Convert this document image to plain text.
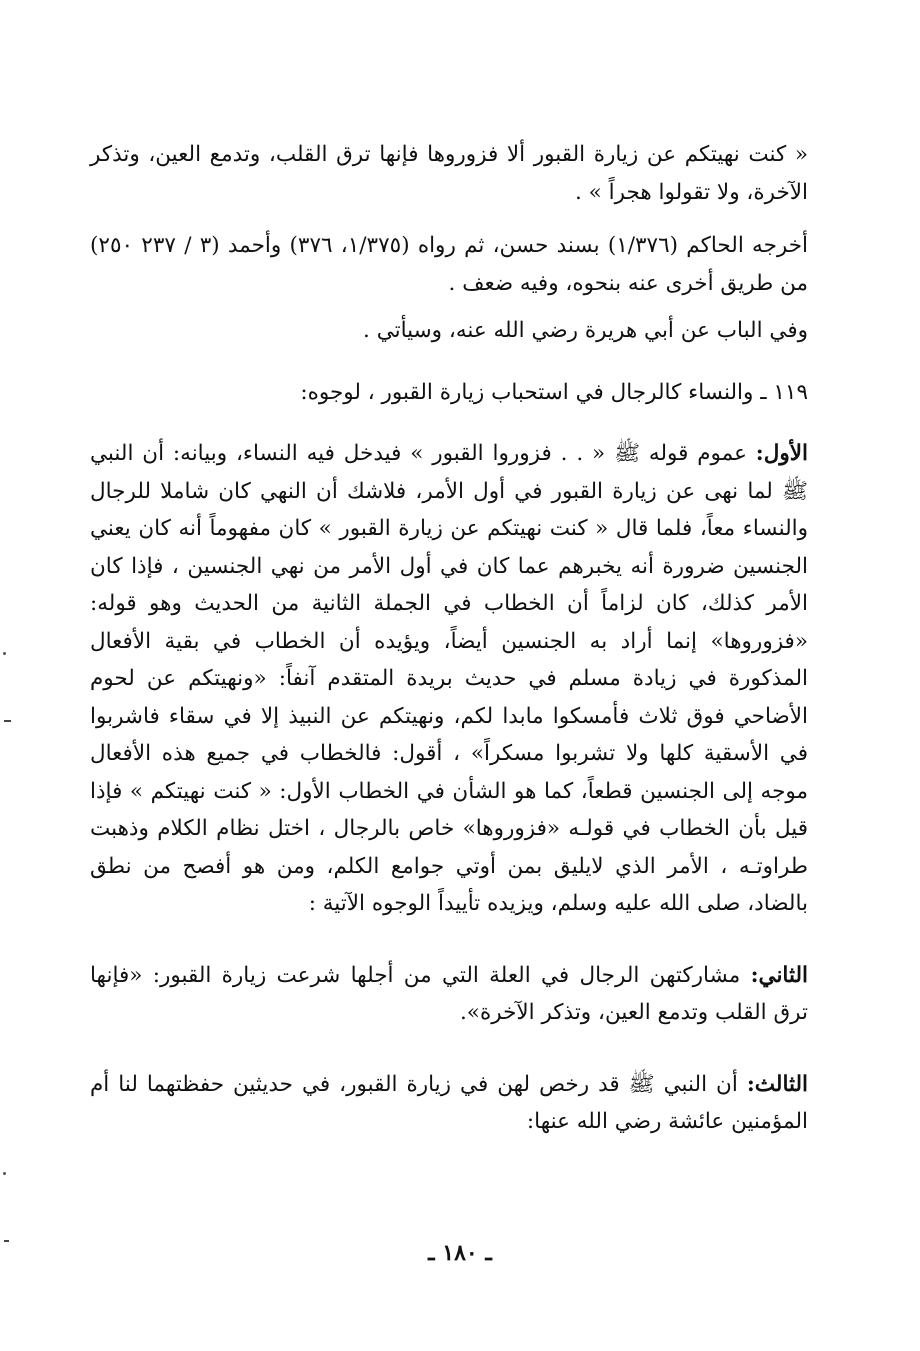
« كنت نهيتكم عن زيارة القبور ألا فزوروها فإنها ترق القلب، وتدمع العين، وتذكر الآخرة، ولا تقولوا هجراً » .

أخرجه الحاكم (١/٣٧٦) بسند حسن، ثم رواه (١/٣٧٥، ٣٧٦) وأحمد (٣ / ٢٣٧ ٢٥٠) من طريق أخرى عنه بنحوه، وفيه ضعف .

وفي الباب عن أبي هريرة رضي الله عنه، وسيأتي .

١١٩ ـ والنساء كالرجال في استحباب زيارة القبور ، لوجوه:

الأول: عموم قوله ﷺ « . . فزوروا القبور » فيدخل فيه النساء، وبيانه: أن النبي ﷺ لما نهى عن زيارة القبور في أول الأمر، فلاشك أن النهي كان شاملا للرجال والنساء معاً، فلما قال « كنت نهيتكم عن زيارة القبور » كان مفهوماً أنه كان يعني الجنسين ضرورة أنه يخبرهم عما كان في أول الأمر من نهي الجنسين ، فإذا كان الأمر كذلك، كان لزاماً أن الخطاب في الجملة الثانية من الحديث وهو قوله: «فزوروها» إنما أراد به الجنسين أيضاً، ويؤيده أن الخطاب في بقية الأفعال المذكورة في زيادة مسلم في حديث بريدة المتقدم آنفاً: «ونهيتكم عن لحوم الأضاحي فوق ثلاث فأمسكوا مابدا لكم، ونهيتكم عن النبيذ إلا في سقاء فاشربوا في الأسقية كلها ولا تشربوا مسكراً» ، أقول: فالخطاب في جميع هذه الأفعال موجه إلى الجنسين قطعاً، كما هو الشأن في الخطاب الأول: « كنت نهيتكم » فإذا قيل بأن الخطاب في قولـه «فزوروها» خاص بالرجال ، اختل نظام الكلام وذهبت طراوتـه ، الأمر الذي لايليق بمن أوتي جوامع الكلم، ومن هو أفصح من نطق بالضاد، صلى الله عليه وسلم، ويزيده تأييداً الوجوه الآتية :

الثاني: مشاركتهن الرجال في العلة التي من أجلها شرعت زيارة القبور: «فإنها ترق القلب وتدمع العين، وتذكر الآخرة».

الثالث: أن النبي ﷺ قد رخص لهن في زيارة القبور، في حديثين حفظتهما لنا أم المؤمنين عائشة رضي الله عنها:

ـ ١٨٠ ـ
